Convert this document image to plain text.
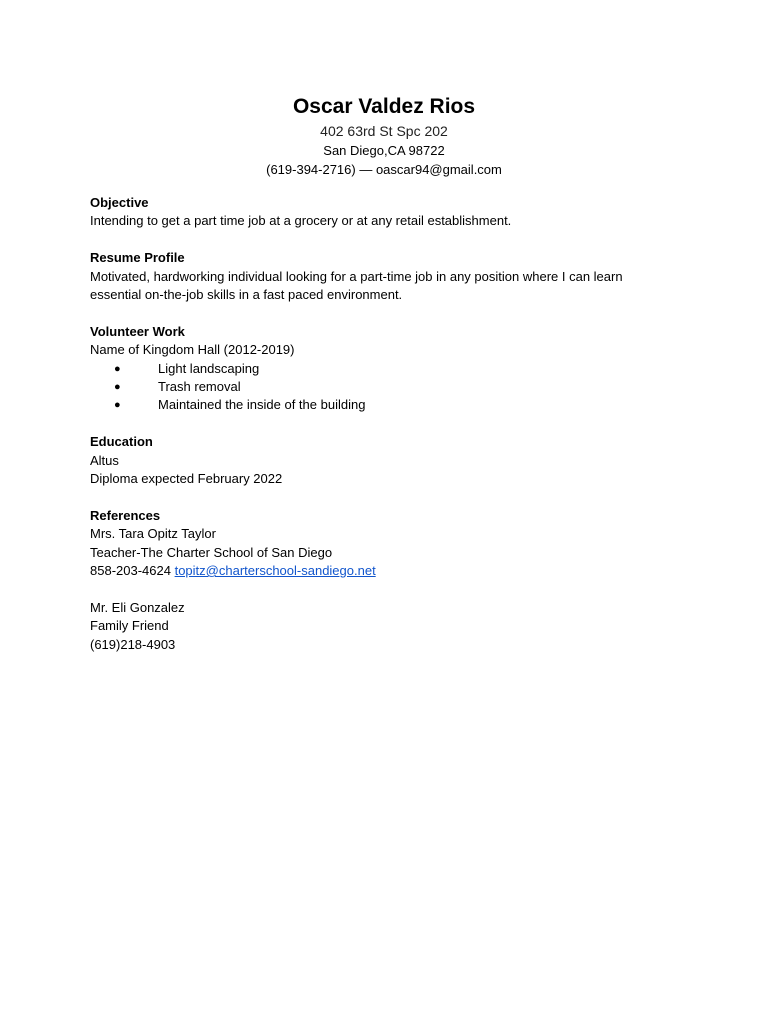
Oscar Valdez Rios
402 63rd St Spc 202
San Diego,CA 98722
(619-394-2716) — oascar94@gmail.com
Objective
Intending to get a part time job at a grocery or at any retail establishment.
Resume Profile
Motivated, hardworking individual looking for a part-time job in any position where I can learn
essential on-the-job skills in a fast paced environment.
Volunteer Work
Name of Kingdom Hall (2012-2019)
●	Light landscaping
●	Trash removal
●	Maintained the inside of the building
Education
Altus
Diploma expected February 2022
References
Mrs. Tara Opitz Taylor
Teacher-The Charter School of San Diego
858-203-4624 topitz@charterschool-sandiego.net
Mr. Eli Gonzalez
Family Friend
(619)218-4903
